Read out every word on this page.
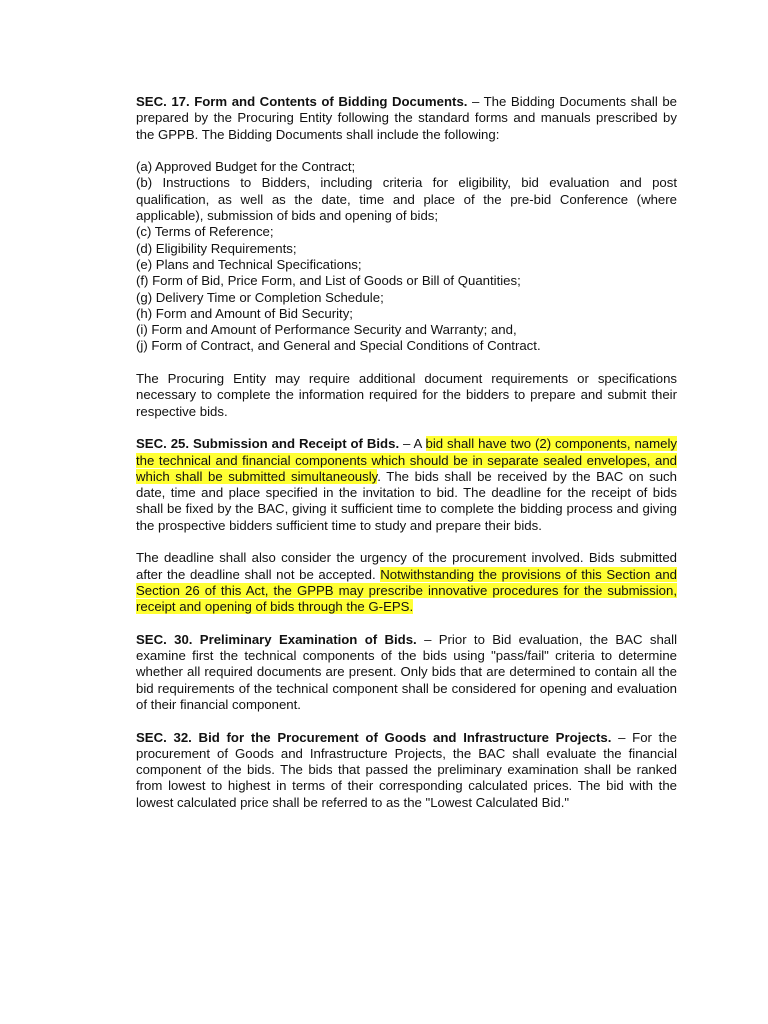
SEC. 17. Form and Contents of Bidding Documents. – The Bidding Documents shall be prepared by the Procuring Entity following the standard forms and manuals prescribed by the GPPB. The Bidding Documents shall include the following:

(a) Approved Budget for the Contract;

(b) Instructions to Bidders, including criteria for eligibility, bid evaluation and post qualification, as well as the date, time and place of the pre-bid Conference (where applicable), submission of bids and opening of bids;

(c) Terms of Reference;

(d) Eligibility Requirements;

(e) Plans and Technical Specifications;

(f) Form of Bid, Price Form, and List of Goods or Bill of Quantities;

(g) Delivery Time or Completion Schedule;

(h) Form and Amount of Bid Security;

(i) Form and Amount of Performance Security and Warranty; and,

(j) Form of Contract, and General and Special Conditions of Contract.

The Procuring Entity may require additional document requirements or specifications necessary to complete the information required for the bidders to prepare and submit their respective bids.

SEC. 25. Submission and Receipt of Bids. – A bid shall have two (2) components, namely the technical and financial components which should be in separate sealed envelopes, and which shall be submitted simultaneously. The bids shall be received by the BAC on such date, time and place specified in the invitation to bid. The deadline for the receipt of bids shall be fixed by the BAC, giving it sufficient time to complete the bidding process and giving the prospective bidders sufficient time to study and prepare their bids.

The deadline shall also consider the urgency of the procurement involved. Bids submitted after the deadline shall not be accepted. Notwithstanding the provisions of this Section and Section 26 of this Act, the GPPB may prescribe innovative procedures for the submission, receipt and opening of bids through the G-EPS.

SEC. 30. Preliminary Examination of Bids. – Prior to Bid evaluation, the BAC shall examine first the technical components of the bids using "pass/fail" criteria to determine whether all required documents are present. Only bids that are determined to contain all the bid requirements of the technical component shall be considered for opening and evaluation of their financial component.

SEC. 32. Bid for the Procurement of Goods and Infrastructure Projects. – For the procurement of Goods and Infrastructure Projects, the BAC shall evaluate the financial component of the bids. The bids that passed the preliminary examination shall be ranked from lowest to highest in terms of their corresponding calculated prices. The bid with the lowest calculated price shall be referred to as the "Lowest Calculated Bid."
